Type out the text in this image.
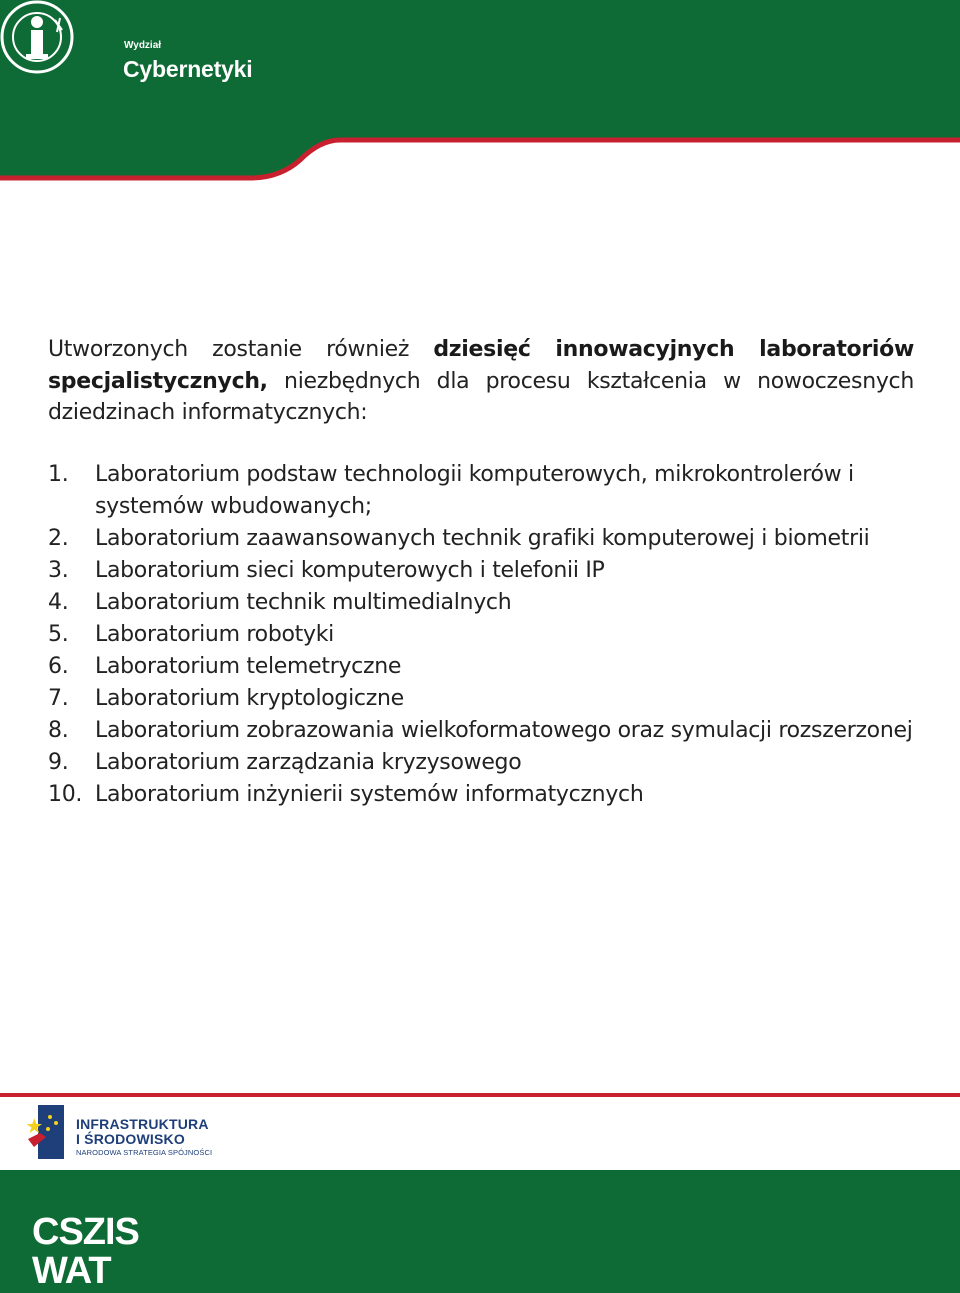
Wydział
Cybernetyki

Utworzonych zostanie również dziesięć innowacyjnych laboratoriów specjalistycznych, niezbędnych dla procesu kształcenia w nowoczesnych dziedzinach informatycznych:

1. Laboratorium podstaw technologii komputerowych, mikrokontrolerów i systemów wbudowanych;
2. Laboratorium zaawansowanych technik grafiki komputerowej i biometrii
3. Laboratorium sieci komputerowych i telefonii IP
4. Laboratorium technik multimedialnych
5. Laboratorium robotyki
6. Laboratorium telemetryczne
7. Laboratorium kryptologiczne
8. Laboratorium zobrazowania wielkoformatowego oraz symulacji rozszerzonej
9. Laboratorium zarządzania kryzysowego
10. Laboratorium inżynierii systemów informatycznych
INFRASTRUKTURA
I ŚRODOWISKO
NARODOWA STRATEGIA SPÓJNOŚCI
CSZIS
WAT
